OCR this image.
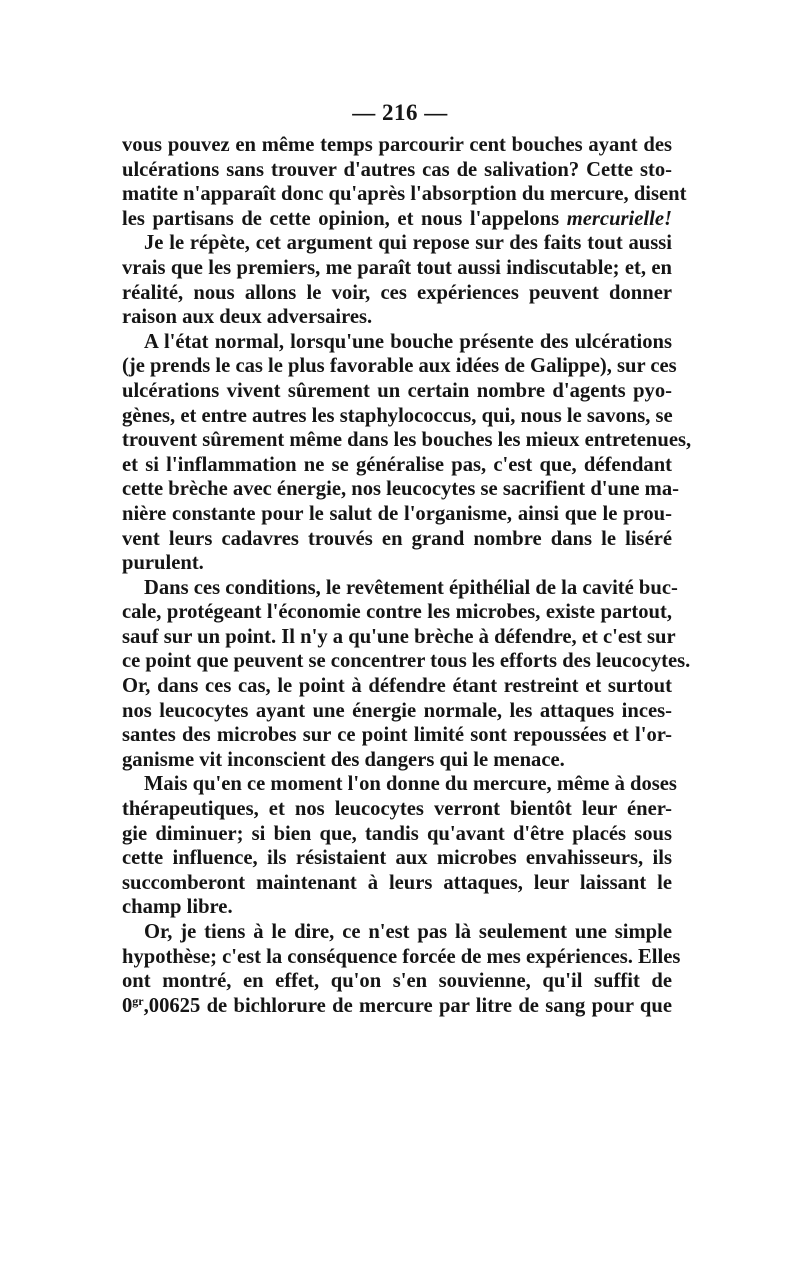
— 216 —
vous pouvez en même temps parcourir cent bouches ayant des
ulcérations sans trouver d'autres cas de salivation? Cette sto-
matite n'apparaît donc qu'après l'absorption du mercure, disent
les partisans de cette opinion, et nous l'appelons mercurielle!
Je le répète, cet argument qui repose sur des faits tout aussi
vrais que les premiers, me paraît tout aussi indiscutable; et, en
réalité, nous allons le voir, ces expériences peuvent donner
raison aux deux adversaires.
A l'état normal, lorsqu'une bouche présente des ulcérations
(je prends le cas le plus favorable aux idées de Galippe), sur ces
ulcérations vivent sûrement un certain nombre d'agents pyo-
gènes, et entre autres les staphylococcus, qui, nous le savons, se
trouvent sûrement même dans les bouches les mieux entretenues,
et si l'inflammation ne se généralise pas, c'est que, défendant
cette brèche avec énergie, nos leucocytes se sacrifient d'une ma-
nière constante pour le salut de l'organisme, ainsi que le prou-
vent leurs cadavres trouvés en grand nombre dans le liséré
purulent.
Dans ces conditions, le revêtement épithélial de la cavité buc-
cale, protégeant l'économie contre les microbes, existe partout,
sauf sur un point. Il n'y a qu'une brèche à défendre, et c'est sur
ce point que peuvent se concentrer tous les efforts des leucocytes.
Or, dans ces cas, le point à défendre étant restreint et surtout
nos leucocytes ayant une énergie normale, les attaques inces-
santes des microbes sur ce point limité sont repoussées et l'or-
ganisme vit inconscient des dangers qui le menace.
Mais qu'en ce moment l'on donne du mercure, même à doses
thérapeutiques, et nos leucocytes verront bientôt leur éner-
gie diminuer; si bien que, tandis qu'avant d'être placés sous
cette influence, ils résistaient aux microbes envahisseurs, ils
succomberont maintenant à leurs attaques, leur laissant le
champ libre.
Or, je tiens à le dire, ce n'est pas là seulement une simple
hypothèse; c'est la conséquence forcée de mes expériences. Elles
ont montré, en effet, qu'on s'en souvienne, qu'il suffit de
$0^{gr},00625$ de bichlorure de mercure par litre de sang pour que
